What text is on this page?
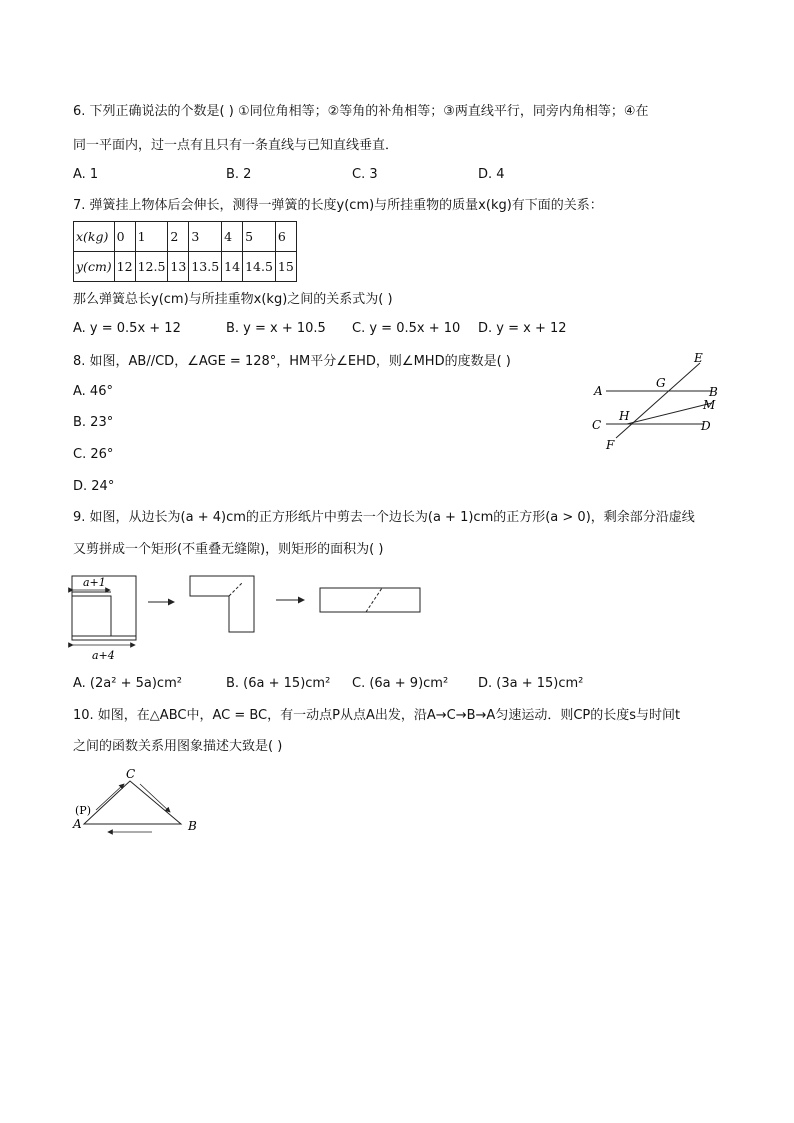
6. 下列正确说法的个数是( ) ①同位角相等；②等角的补角相等；③两直线平行，同旁内角相等；④在
同一平面内，过一点有且只有一条直线与已知直线垂直．
A. 1	B. 2	C. 3	D. 4
7. 弹簧挂上物体后会伸长，测得一弹簧的长度y(cm)与所挂重物的质量x(kg)有下面的关系：
x(kg)	0	1	2	3	4	5	6
y(cm)	12	12.5	13	13.5	14	14.5	15
那么弹簧总长y(cm)与所挂重物x(kg)之间的关系式为( )
A. y = 0.5x + 12	B. y = x + 10.5 C. y = 0.5x + 10 D. y = x + 12
8. 如图，AB//CD，∠AGE = 128°，HM平分∠EHD，则∠MHD的度数是( )
A. 46°
B. 23°
C. 26°
D. 24°
A	B
C	D
E
F
G
H
M
9. 如图，从边长为(a + 4)cm的正方形纸片中剪去一个边长为(a + 1)cm的正方形(a > 0)，剩余部分沿虚线
又剪拼成一个矩形(不重叠无缝隙)，则矩形的面积为( )
a+1
a+4
A. (2a² + 5a)cm²	B. (6a + 15)cm² C. (6a + 9)cm² D. (3a + 15)cm²
10. 如图，在△ABC中，AC = BC，有一动点P从点A出发，沿A→C→B→A匀速运动．则CP的长度s与时间t
之间的函数关系用图象描述大致是( )
C
A	B
(P)
